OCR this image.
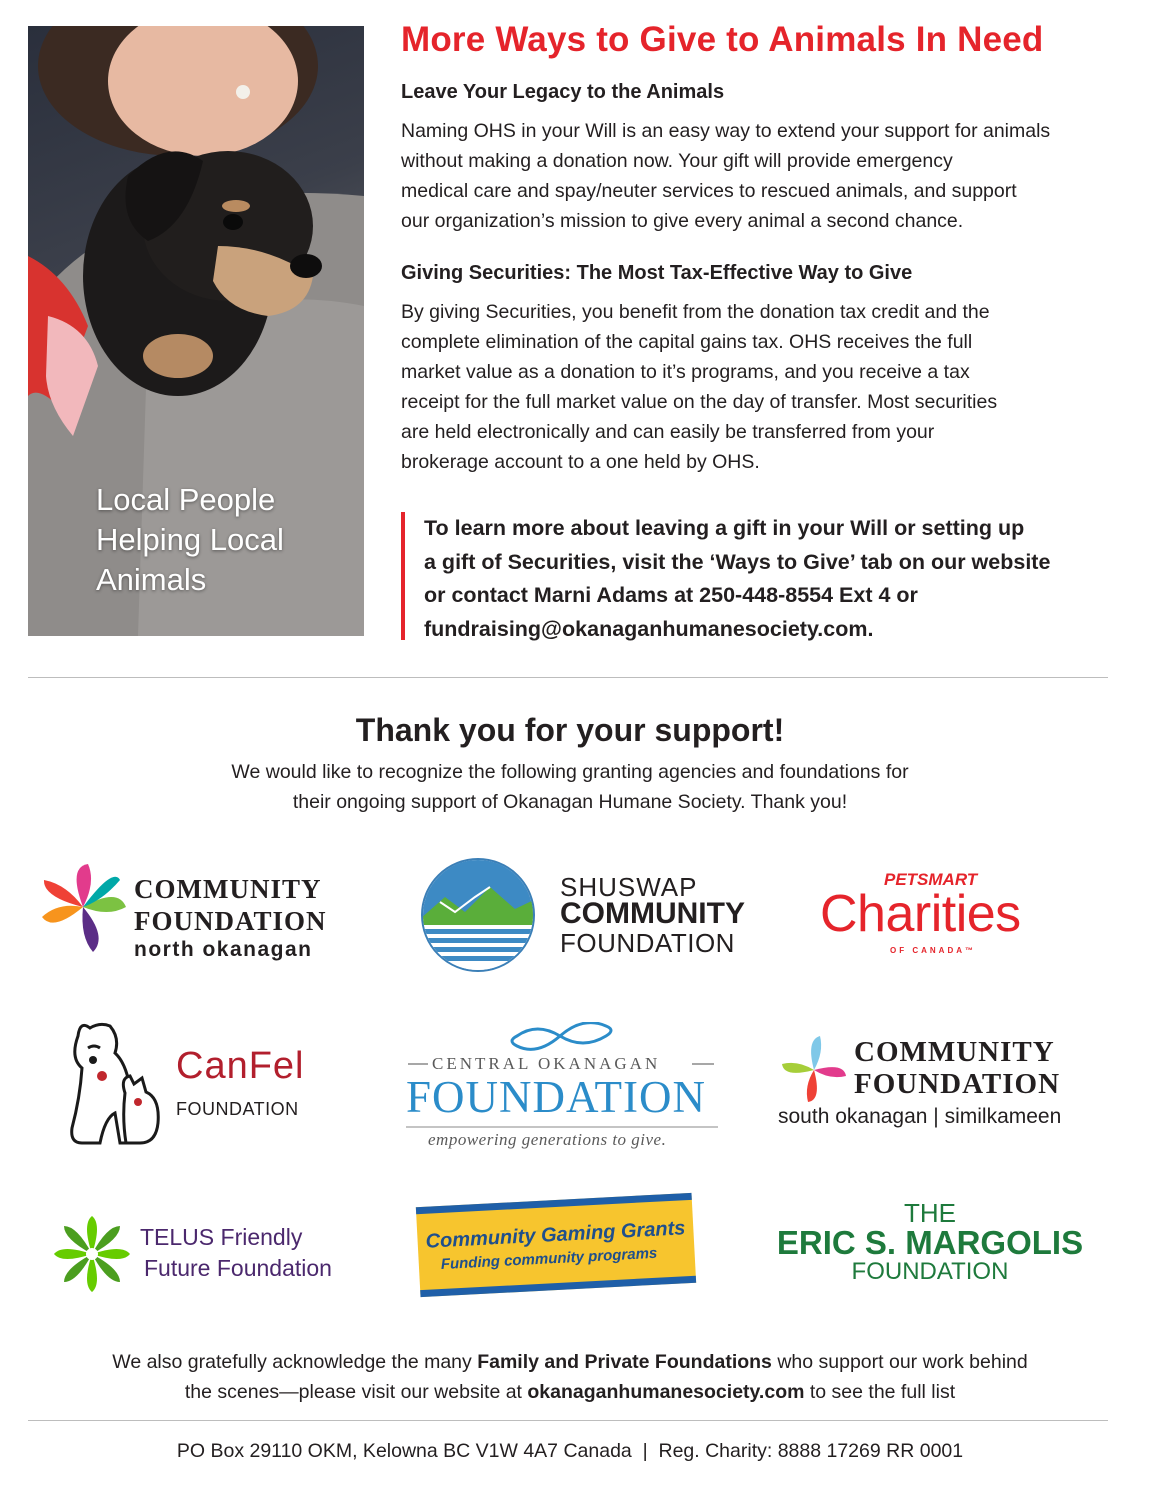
Local People
Helping Local
Animals
More Ways to Give to Animals In Need
Leave Your Legacy to the Animals
Naming OHS in your Will is an easy way to extend your support for animals
without making a donation now. Your gift will provide emergency
medical care and spay/neuter services to rescued animals, and support
our organization’s mission to give every animal a second chance.
Giving Securities: The Most Tax-Effective Way to Give
By giving Securities, you benefit from the donation tax credit and the
complete elimination of the capital gains tax. OHS receives the full
market value as a donation to it’s programs, and you receive a tax
receipt for the full market value on the day of transfer. Most securities
are held electronically and can easily be transferred from your
brokerage account to a one held by OHS.
To learn more about leaving a gift in your Will or setting up
a gift of Securities, visit the ‘Ways to Give’ tab on our website
or contact Marni Adams at 250-448-8554 Ext 4 or
fundraising@okanaganhumanesociety.com.
Thank you for your support!
We would like to recognize the following granting agencies and foundations for
their ongoing support of Okanagan Humane Society. Thank you!
COMMUNITY
FOUNDATION
north okanagan
SHUSWAP
COMMUNITY
FOUNDATION
PETSMART
Charities
OF CANADA™
CanFel
FOUNDATION
CENTRAL OKANAGAN
FOUNDATION
empowering generations to give.
COMMUNITY
FOUNDATION
south okanagan | similkameen
TELUS Friendly
Future Foundation
Community Gaming Grants
Funding community programs
THE
ERIC S. MARGOLIS
FOUNDATION
We also gratefully acknowledge the many Family and Private Foundations who support our work behind
the scenes—please visit our website at okanaganhumanesociety.com to see the full list
PO Box 29110 OKM, Kelowna BC V1W 4A7 Canada  |  Reg. Charity: 8888 17269 RR 0001
